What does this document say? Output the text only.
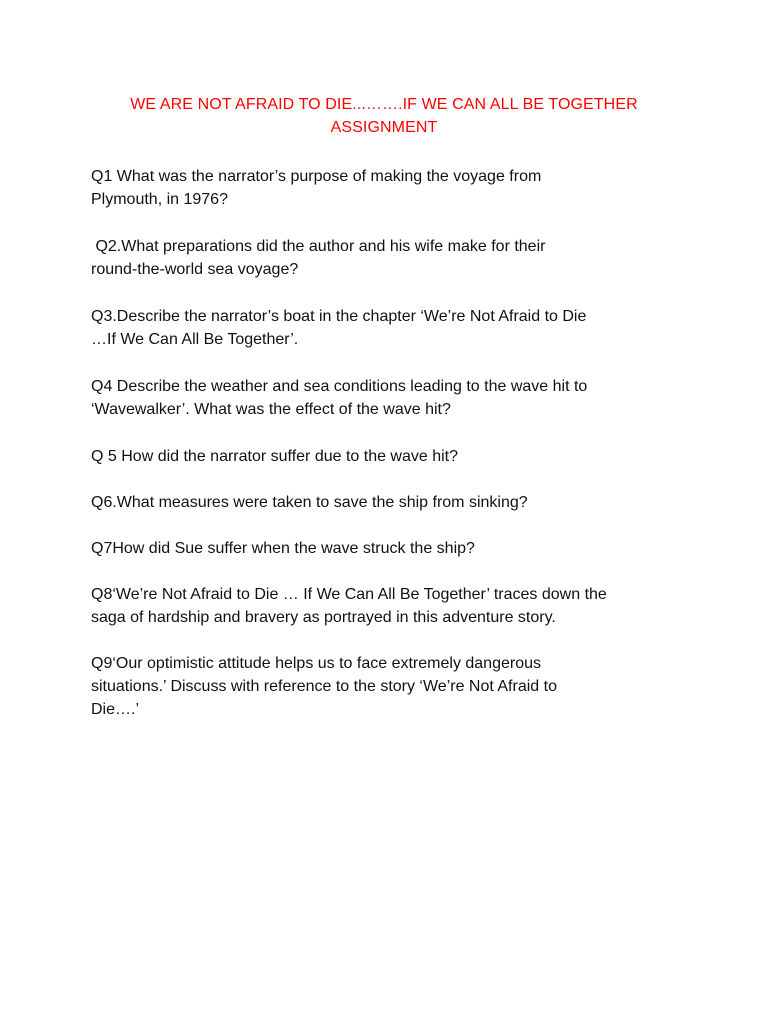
WE ARE NOT AFRAID TO DIE...…….IF WE CAN ALL BE TOGETHER
ASSIGNMENT
Q1 What was the narrator’s purpose of making the voyage from
Plymouth, in 1976?
Q2.What preparations did the author and his wife make for their
round-the-world sea voyage?
Q3.Describe the narrator’s boat in the chapter ‘We’re Not Afraid to Die
…If We Can All Be Together’.
Q4 Describe the weather and sea conditions leading to the wave hit to
‘Wavewalker’. What was the effect of the wave hit?
Q 5 How did the narrator suffer due to the wave hit?
Q6.What measures were taken to save the ship from sinking?
Q7How did Sue suffer when the wave struck the ship?
Q8‘We’re Not Afraid to Die … If We Can All Be Together’ traces down the
saga of hardship and bravery as portrayed in this adventure story.
Q9‘Our optimistic attitude helps us to face extremely dangerous
situations.’ Discuss with reference to the story ‘We’re Not Afraid to
Die….’
